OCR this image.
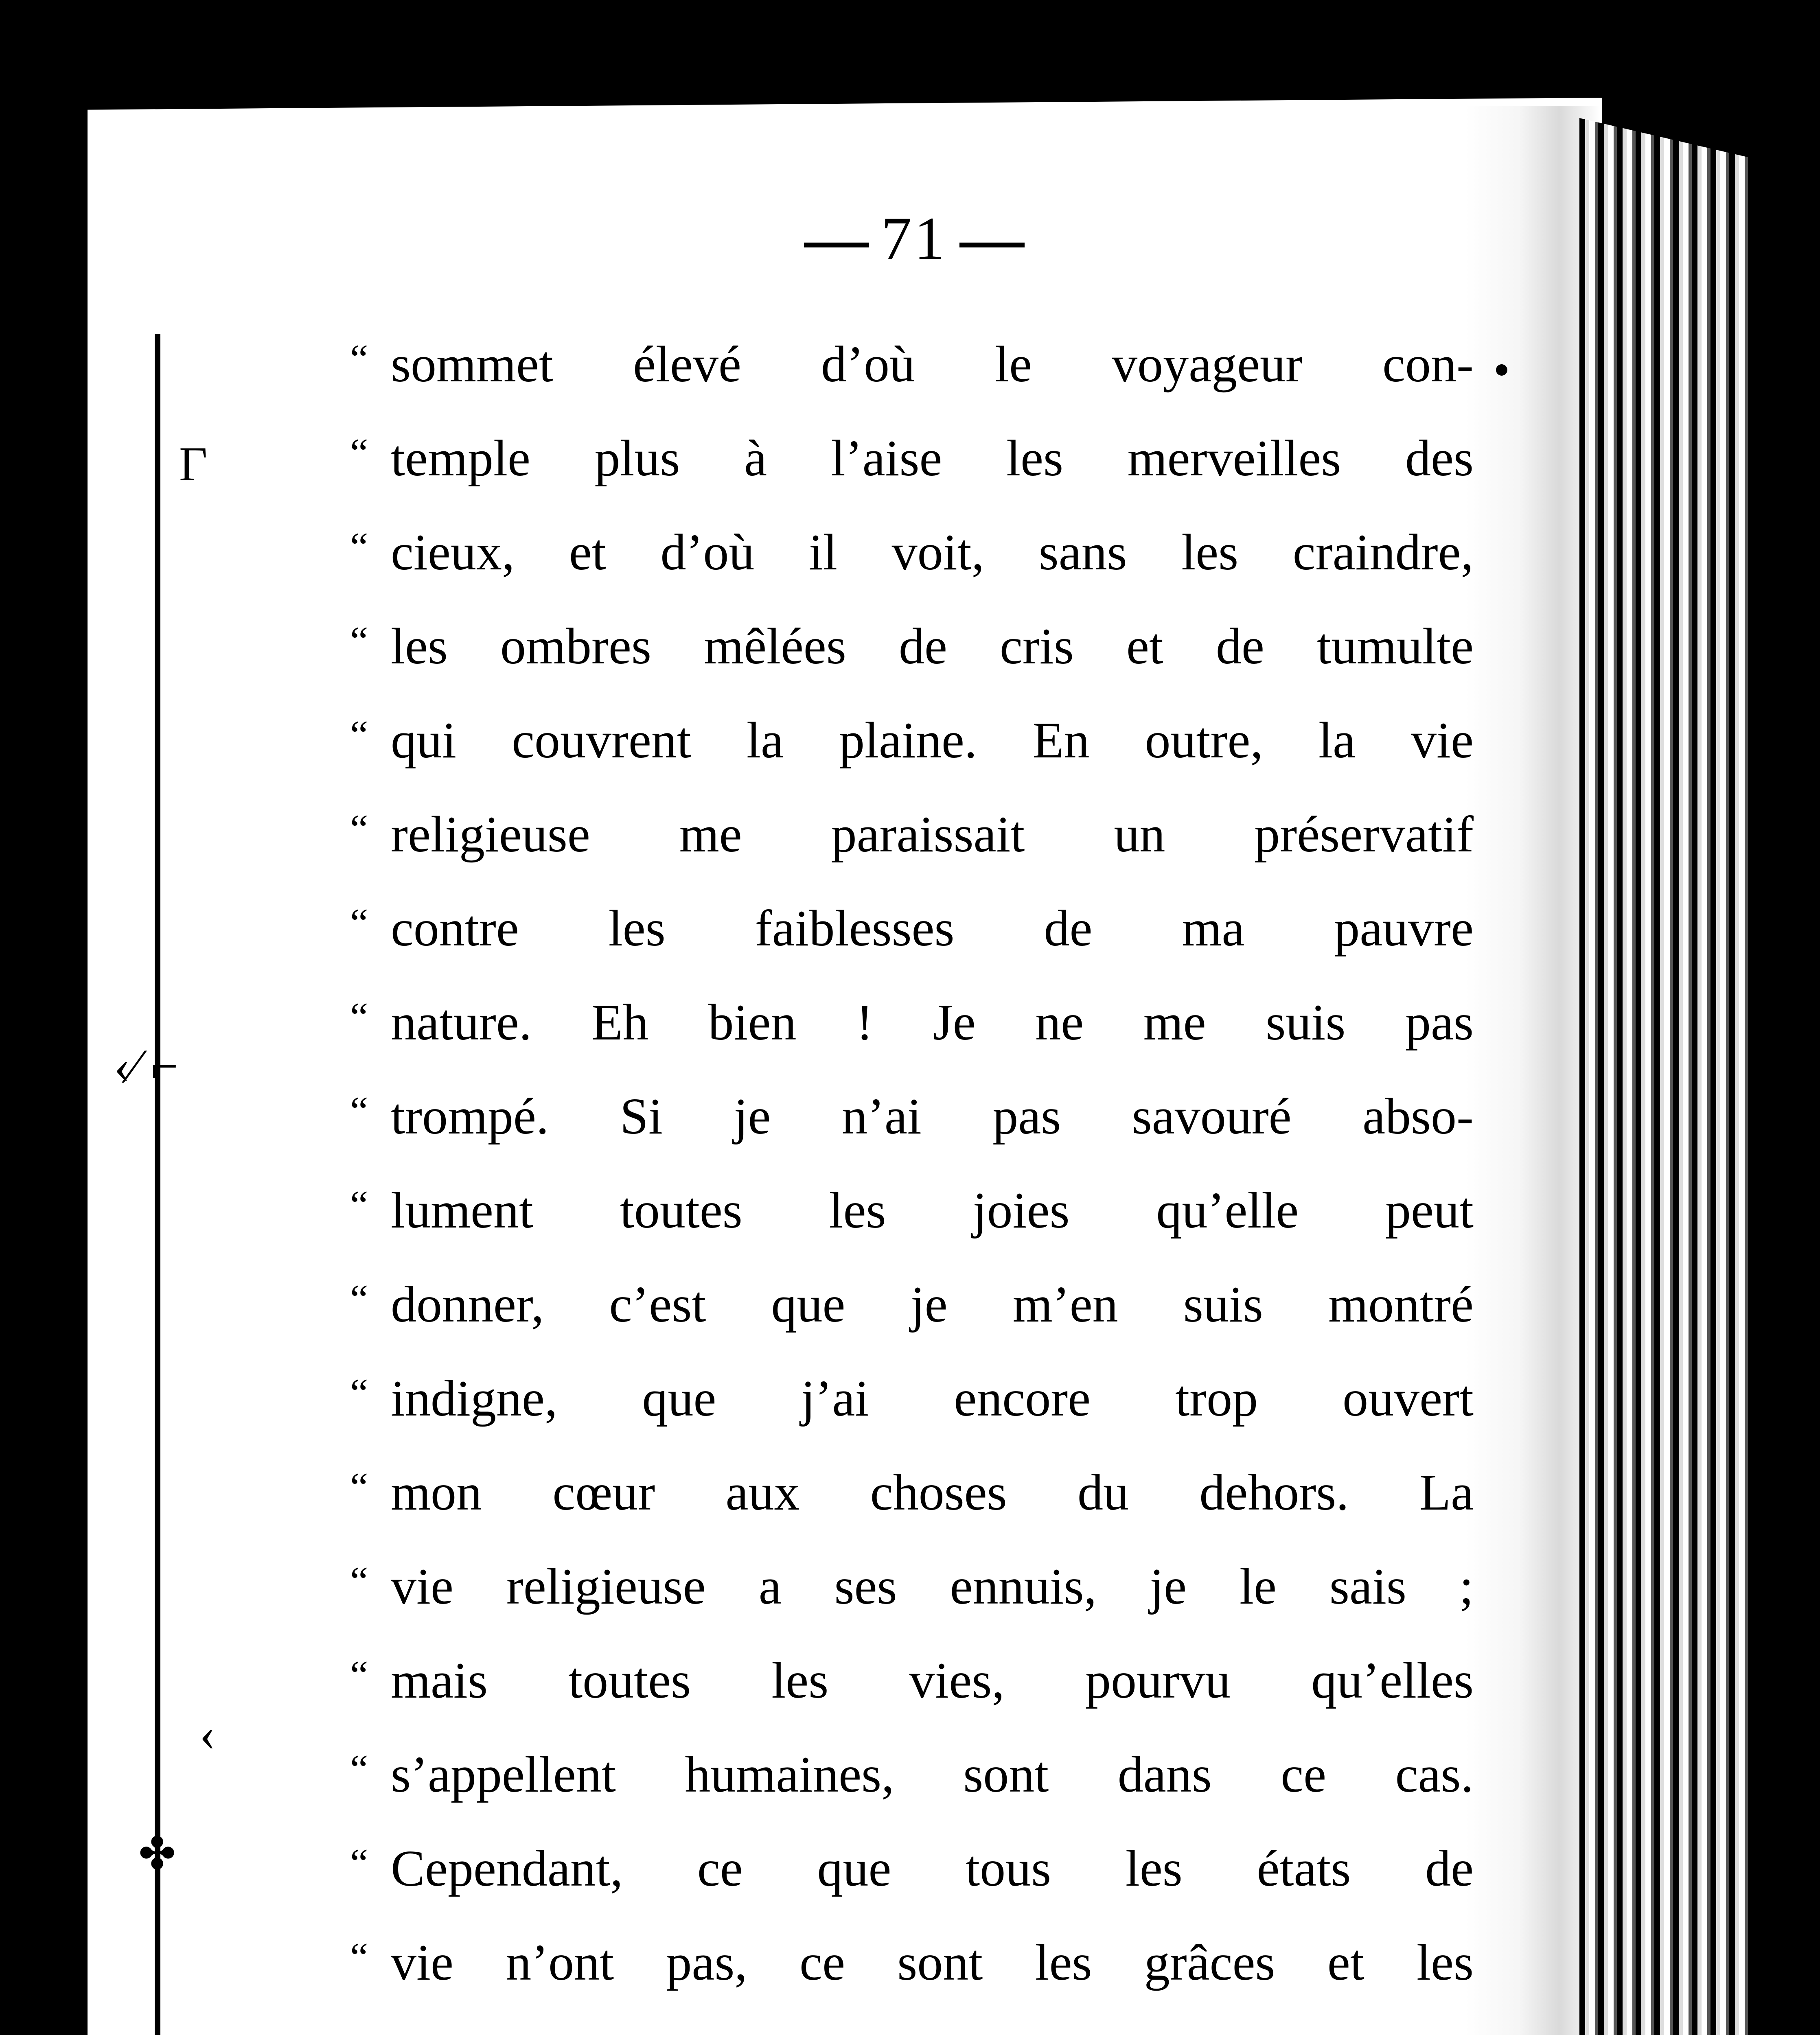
Γ
‹⁄ ⌐
‹
✤
71
“ sommet élevé d’où le voyageur con-
“ temple plus à l’aise les merveilles des
“ cieux, et d’où il voit, sans les craindre,
“ les ombres mêlées de cris et de tumulte
“ qui couvrent la plaine. En outre, la vie
“ religieuse me paraissait un préservatif
“ contre les faiblesses de ma pauvre
“ nature. Eh bien ! Je ne me suis pas
“ trompé. Si je n’ai pas savouré abso-
“ lument toutes les joies qu’elle peut
“ donner, c’est que je m’en suis montré
“ indigne, que j’ai encore trop ouvert
“ mon cœur aux choses du dehors. La
“ vie religieuse a ses ennuis, je le sais ;
“ mais toutes les vies, pourvu qu’elles
“ s’appellent humaines, sont dans ce cas.
“ Cependant, ce que tous les états de
“ vie n’ont pas, ce sont les grâces et les
